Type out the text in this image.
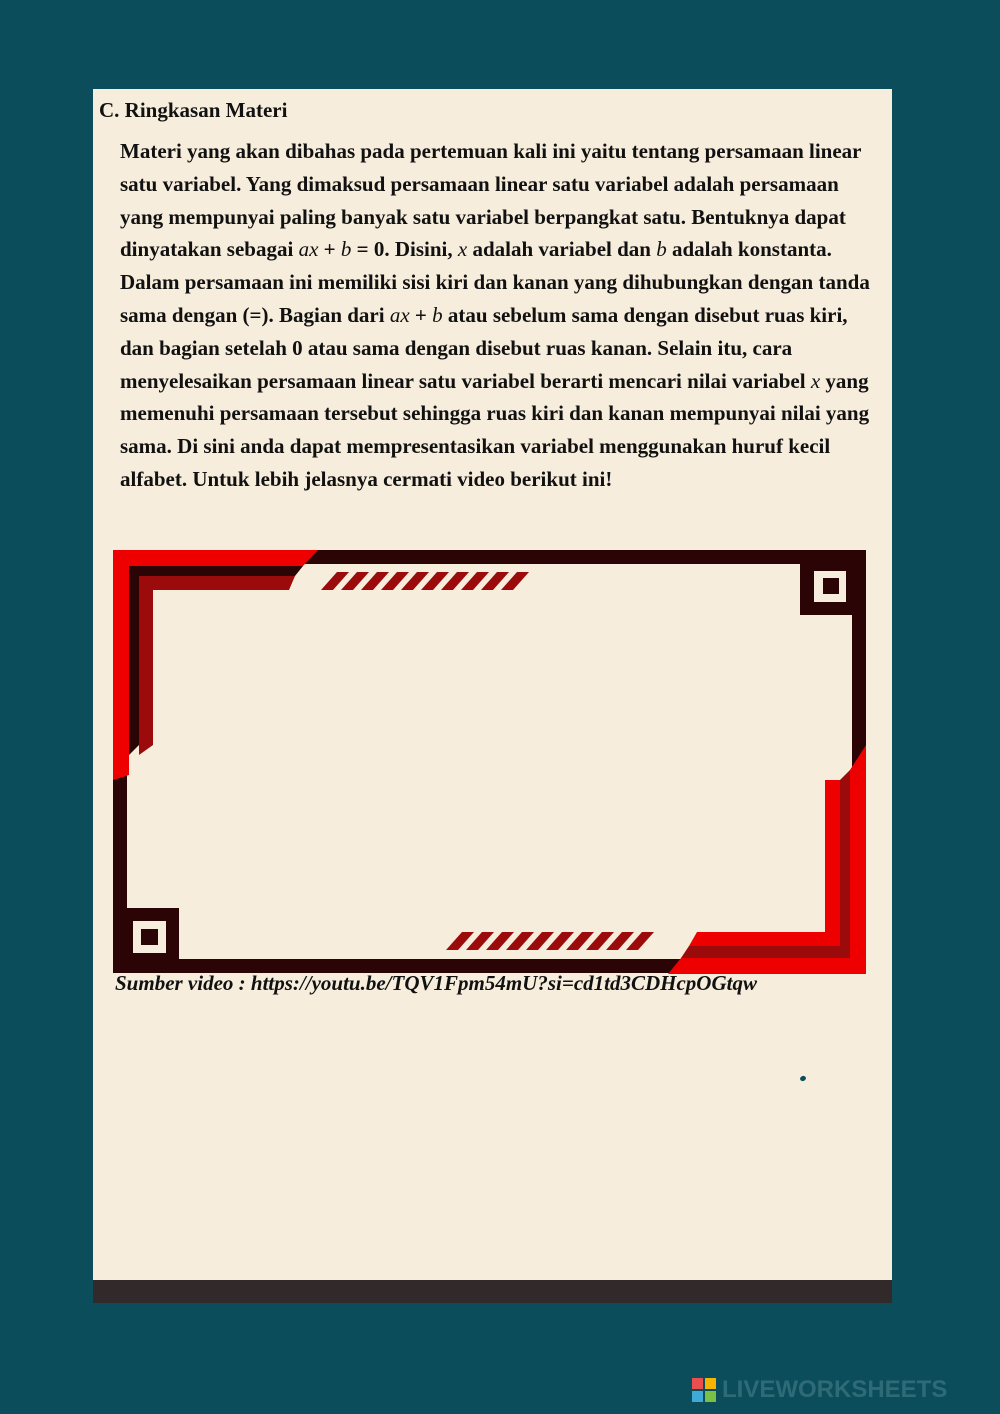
C. Ringkasan Materi

Materi yang akan dibahas pada pertemuan kali ini yaitu tentang persamaan linear satu variabel. Yang dimaksud persamaan linear satu variabel adalah persamaan yang mempunyai paling banyak satu variabel berpangkat satu. Bentuknya dapat dinyatakan sebagai ax + b = 0. Disini, x adalah variabel dan b adalah konstanta. Dalam persamaan ini memiliki sisi kiri dan kanan yang dihubungkan dengan tanda sama dengan (=). Bagian dari ax + b atau sebelum sama dengan disebut ruas kiri, dan bagian setelah 0 atau sama dengan disebut ruas kanan. Selain itu, cara menyelesaikan persamaan linear satu variabel berarti mencari nilai variabel x yang memenuhi persamaan tersebut sehingga ruas kiri dan kanan mempunyai nilai yang sama. Di sini anda dapat mempresentasikan variabel menggunakan huruf kecil alfabet. Untuk lebih jelasnya cermati video berikut ini!

Sumber video : https://youtu.be/TQV1Fpm54mU?si=cd1td3CDHcpOGtqw

LIVEWORKSHEETS
